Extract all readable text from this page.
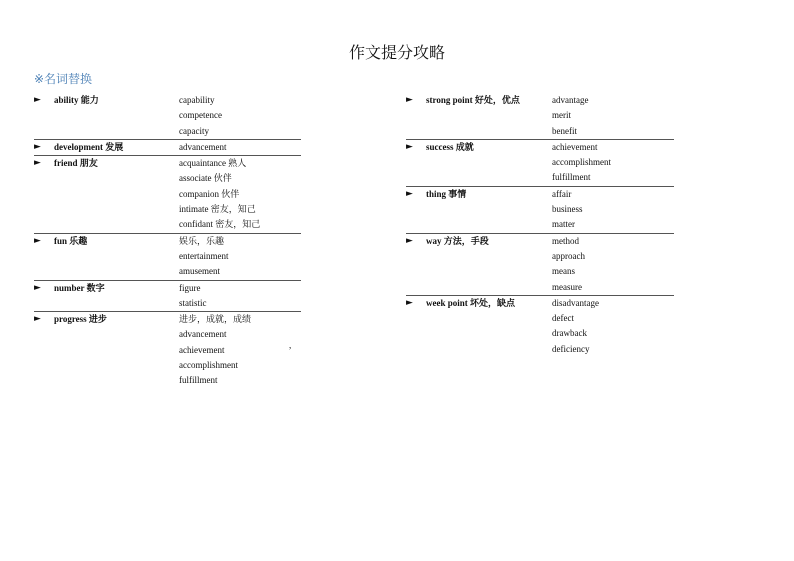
作文提分攻略
※名词替换
►	ability 能力	capability
competence
capacity
►	development 发展	advancement
►	friend 朋友	acquaintance 熟人
associate 伙伴
companion 伙伴
intimate 密友，知己
confidant 密友，知己
►	fun 乐趣	娱乐，乐趣
entertainment
amusement
►	number 数字	figure
statistic
►	progress 进步	进步，成就，成绩
advancement
achievement
accomplishment
fulfillment
►	strong point 好处，优点	advantage
merit
benefit
►	success 成就	achievement
accomplishment
fulfillment
►	thing 事情	affair
business
matter
►	way 方法，手段	method
approach
means
measure
►	week point 坏处，缺点	disadvantage
defect
drawback
deficiency
,
